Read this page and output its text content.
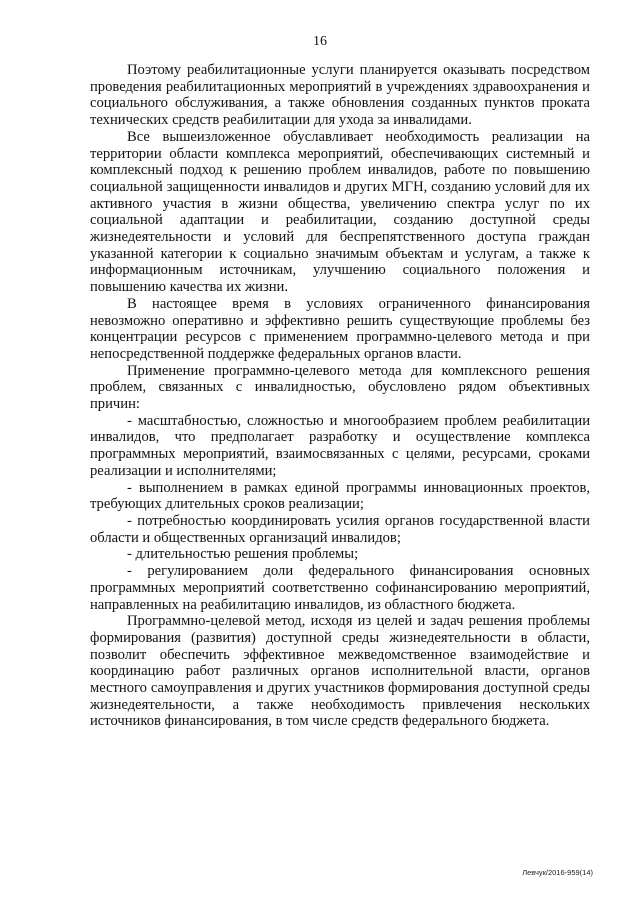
16

Поэтому реабилитационные услуги планируется оказывать посредством проведения реабилитационных мероприятий в учреждениях здравоохранения и социального обслуживания, а также обновления созданных пунктов проката технических средств реабилитации для ухода за инвалидами.

Все вышеизложенное обуславливает необходимость реализации на территории области комплекса мероприятий, обеспечивающих системный и комплексный подход к решению проблем инвалидов, работе по повышению социальной защищенности инвалидов и других МГН, созданию условий для их активного участия в жизни общества, увеличению спектра услуг по их социальной адаптации и реабилитации, созданию доступной среды жизнедеятельности и условий для беспрепятственного доступа граждан указанной категории к социально значимым объектам и услугам, а также к информационным источникам, улучшению социального положения и повышению качества их жизни.

В настоящее время в условиях ограниченного финансирования невозможно оперативно и эффективно решить существующие проблемы без концентрации ресурсов с применением программно-целевого метода и при непосредственной поддержке федеральных органов власти.

Применение программно-целевого метода для комплексного решения проблем, связанных с инвалидностью, обусловлено рядом объективных причин:

- масштабностью, сложностью и многообразием проблем реабилитации инвалидов, что предполагает разработку и осуществление комплекса программных мероприятий, взаимосвязанных с целями, ресурсами, сроками реализации и исполнителями;

- выполнением в рамках единой программы инновационных проектов, требующих длительных сроков реализации;

- потребностью координировать усилия органов государственной власти области и общественных организаций инвалидов;

- длительностью решения проблемы;

- регулированием доли федерального финансирования основных программных мероприятий соответственно софинансированию мероприятий, направленных на реабилитацию инвалидов, из областного бюджета.

Программно-целевой метод, исходя из целей и задач решения проблемы формирования (развития) доступной среды жизнедеятельности в области, позволит обеспечить эффективное межведомственное взаимодействие и координацию работ различных органов исполнительной власти, органов местного самоуправления и других участников формирования доступной среды жизнедеятельности, а также необходимость привлечения нескольких источников финансирования, в том числе средств федерального бюджета.

Левчук/2016-959(14)
